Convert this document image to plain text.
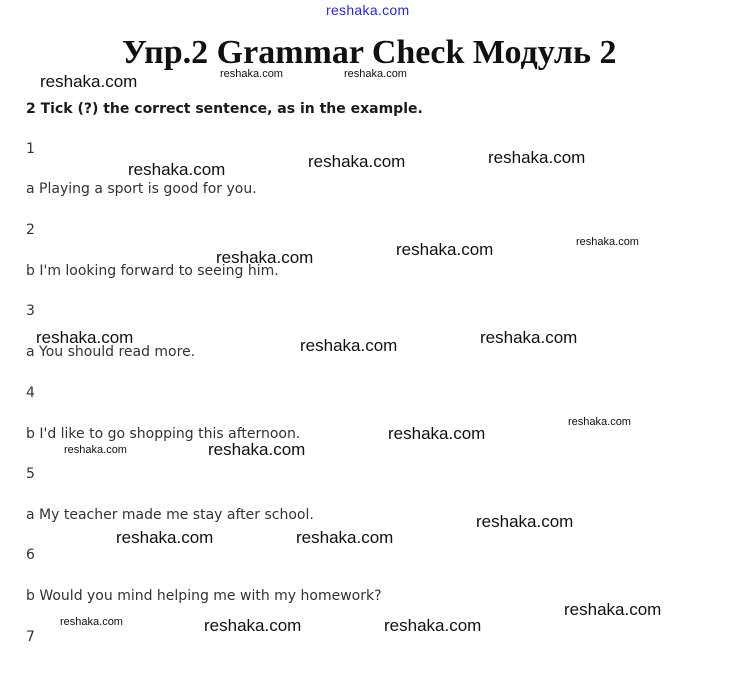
reshaka.com
Упр.2 Grammar Check Модуль 2
2 Tick (?) the correct sentence, as in the example.
1
a Playing a sport is good for you.
2
b I'm looking forward to seeing him.
3
a You should read more.
4
b I'd like to go shopping this afternoon.
5
a My teacher made me stay after school.
6
b Would you mind helping me with my homework?
7
reshaka.com	reshaka.com	reshaka.com
reshaka.com	reshaka.com	reshaka.com
reshaka.com	reshaka.com	reshaka.com
reshaka.com	reshaka.com	reshaka.com
reshaka.com
reshaka.com
reshaka.com	reshaka.com
reshaka.com
reshaka.com	reshaka.com
reshaka.com
reshaka.com	reshaka.com	reshaka.com
